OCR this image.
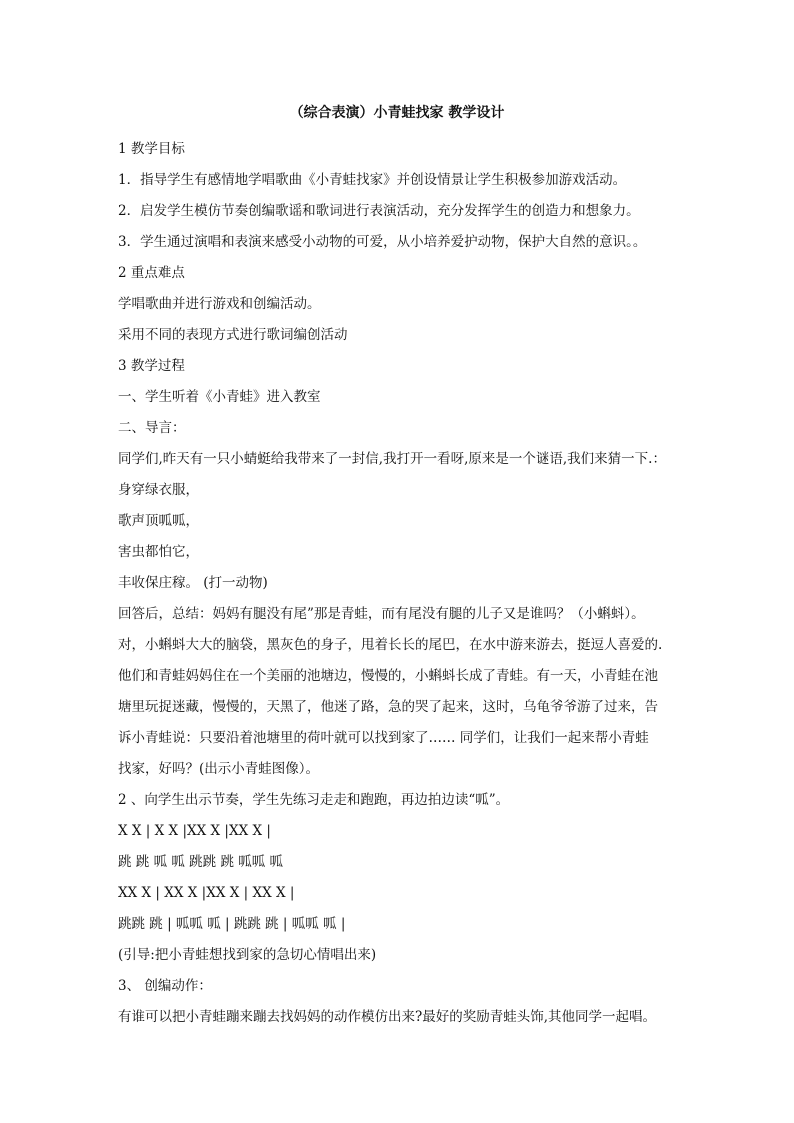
（综合表演）小青蛙找家 教学设计
1 教学目标
1．指导学生有感情地学唱歌曲《小青蛙找家》并创设情景让学生积极参加游戏活动。
2．启发学生模仿节奏创编歌谣和歌词进行表演活动，充分发挥学生的创造力和想象力。
3．学生通过演唱和表演来感受小动物的可爱，从小培养爱护动物，保护大自然的意识。。
2 重点难点
学唱歌曲并进行游戏和创编活动。
采用不同的表现方式进行歌词编创活动
3 教学过程
一、学生听着《小青蛙》进入教室
二、导言：
同学们,昨天有一只小蜻蜓给我带来了一封信,我打开一看呀,原来是一个谜语,我们来猜一下.：
身穿绿衣服，
歌声顶呱呱，
害虫都怕它，
丰收保庄稼。 (打一动物)
回答后，总结：妈妈有腿没有尾”那是青蛙，而有尾没有腿的儿子又是谁吗？（小蝌蚪）。
对，小蝌蚪大大的脑袋，黑灰色的身子，甩着长长的尾巴，在水中游来游去，挺逗人喜爱的.
他们和青蛙妈妈住在一个美丽的池塘边，慢慢的，小蝌蚪长成了青蛙。有一天，小青蛙在池
塘里玩捉迷藏，慢慢的，天黑了，他迷了路，急的哭了起来，这时，乌龟爷爷游了过来，告
诉小青蛙说：只要沿着池塘里的荷叶就可以找到家了…… 同学们，让我们一起来帮小青蛙
找家，好吗？(出示小青蛙图像）。
2 、向学生出示节奏，学生先练习走走和跑跑，再边拍边读“呱”。
X X | X X |XX X |XX X |
跳 跳 呱 呱 跳跳 跳 呱呱 呱
XX X | XX X |XX X | XX X |
跳跳 跳 | 呱呱 呱 | 跳跳 跳 | 呱呱 呱 |
(引导:把小青蛙想找到家的急切心情唱出来)
3、 创编动作：
有谁可以把小青蛙蹦来蹦去找妈妈的动作模仿出来?最好的奖励青蛙头饰,其他同学一起唱。
